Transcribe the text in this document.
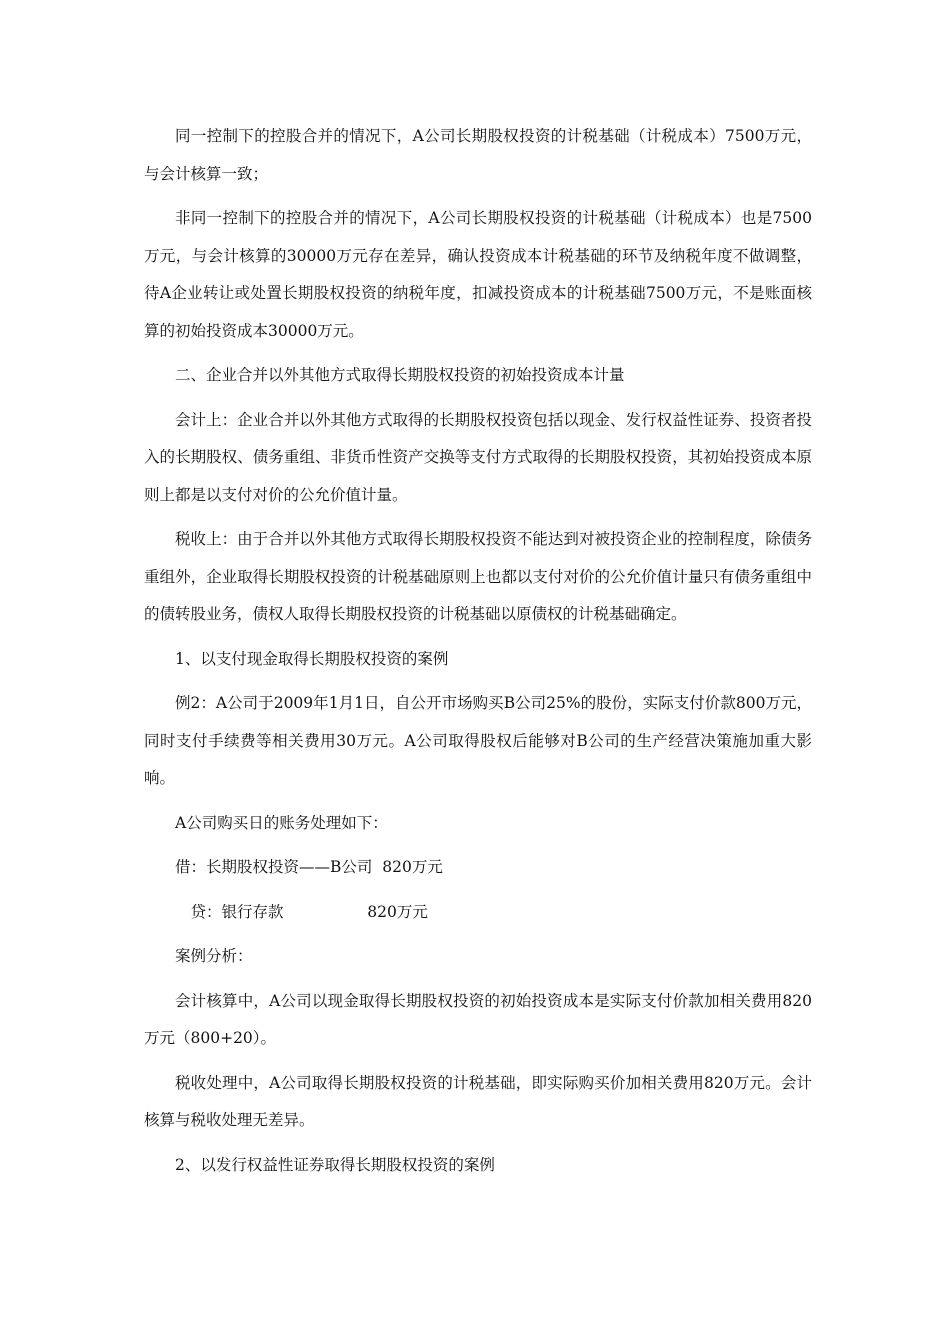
同一控制下的控股合并的情况下，A公司长期股权投资的计税基础（计税成本）7500万元，与会计核算一致；

非同一控制下的控股合并的情况下，A公司长期股权投资的计税基础（计税成本）也是7500万元，与会计核算的30000万元存在差异，确认投资成本计税基础的环节及纳税年度不做调整，待A企业转让或处置长期股权投资的纳税年度，扣减投资成本的计税基础7500万元，不是账面核算的初始投资成本30000万元。

二、企业合并以外其他方式取得长期股权投资的初始投资成本计量

会计上：企业合并以外其他方式取得的长期股权投资包括以现金、发行权益性证券、投资者投入的长期股权、债务重组、非货币性资产交换等支付方式取得的长期股权投资，其初始投资成本原则上都是以支付对价的公允价值计量。

税收上：由于合并以外其他方式取得长期股权投资不能达到对被投资企业的控制程度，除债务重组外，企业取得长期股权投资的计税基础原则上也都以支付对价的公允价值计量只有债务重组中的债转股业务，债权人取得长期股权投资的计税基础以原债权的计税基础确定。

1、以支付现金取得长期股权投资的案例

例2：A公司于2009年1月1日，自公开市场购买B公司25%的股份，实际支付价款800万元，同时支付手续费等相关费用30万元。A公司取得股权后能够对B公司的生产经营决策施加重大影响。

A公司购买日的账务处理如下：

借：长期股权投资——B公司  820万元

贷：银行存款                 820万元

案例分析：

会计核算中，A公司以现金取得长期股权投资的初始投资成本是实际支付价款加相关费用820万元（800+20）。

税收处理中，A公司取得长期股权投资的计税基础，即实际购买价加相关费用820万元。会计核算与税收处理无差异。

2、以发行权益性证券取得长期股权投资的案例
